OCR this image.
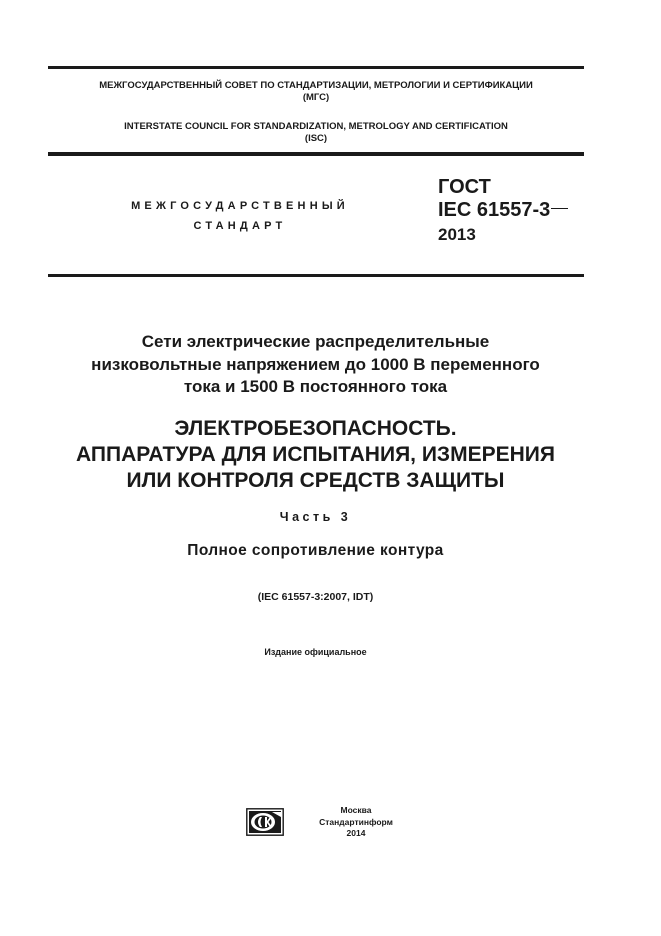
МЕЖГОСУДАРСТВЕННЫЙ СОВЕТ ПО СТАНДАРТИЗАЦИИ, МЕТРОЛОГИИ И СЕРТИФИКАЦИИ
(МГС)
INTERSTATE COUNCIL FOR STANDARDIZATION, METROLOGY AND CERTIFICATION
(ISC)
МЕЖГОСУДАРСТВЕННЫЙ
СТАНДАРТ
ГОСТ
IEC 61557-3
2013
Сети электрические распределительные
низковольтные напряжением до 1000 В переменного
тока и 1500 В постоянного тока
ЭЛЕКТРОБЕЗОПАСНОСТЬ.
АППАРАТУРА ДЛЯ ИСПЫТАНИЯ, ИЗМЕРЕНИЯ
ИЛИ КОНТРОЛЯ СРЕДСТВ ЗАЩИТЫ
Часть 3
Полное сопротивление контура
(IEC 61557-3:2007, IDT)
Издание официальное
Москва
Стандартинформ
2014
